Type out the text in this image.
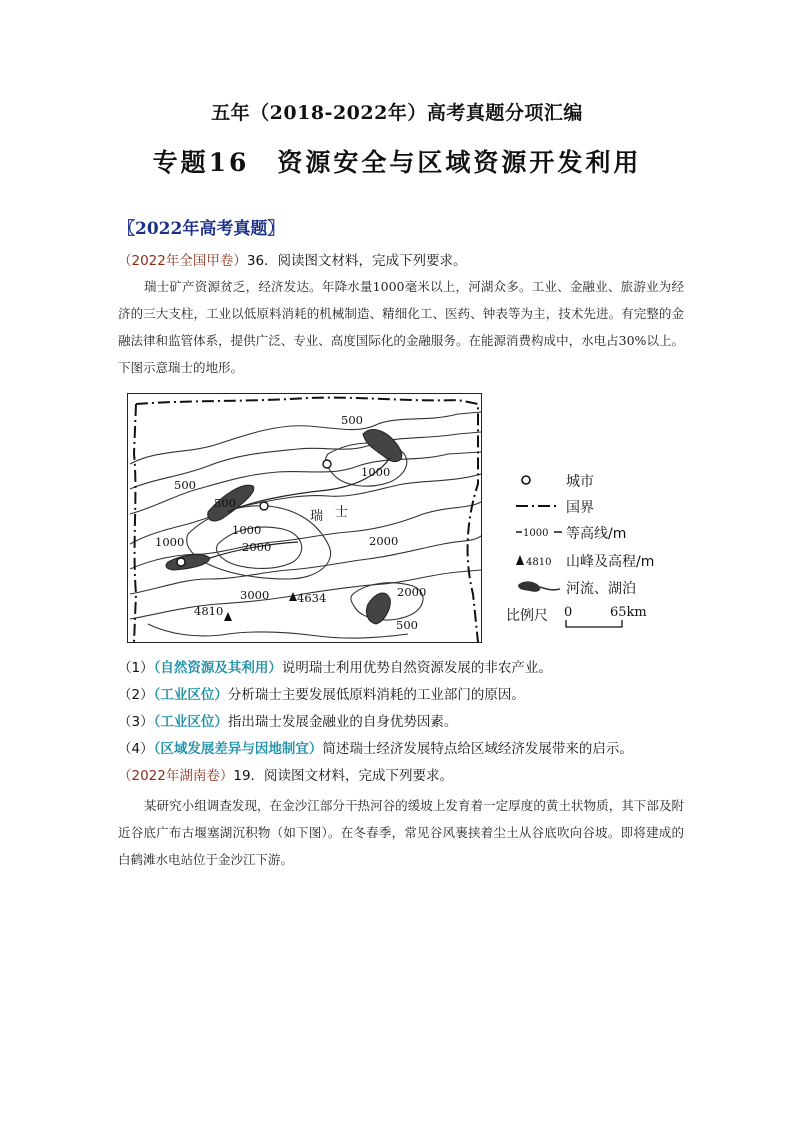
五年（2018-2022年）高考真题分项汇编
专题16　资源安全与区域资源开发利用
〖2022年高考真题〗
（2022年全国甲卷）36．阅读图文材料，完成下列要求。
瑞士矿产资源贫乏，经济发达。年降水量1000毫米以上，河湖众多。工业、金融业、旅游业为经济的三大支柱，工业以低原料消耗的机械制造、精细化工、医药、钟表等为主，技术先进。有完整的金融法律和监管体系，提供广泛、专业、高度国际化的金融服务。在能源消费构成中，水电占30%以上。下图示意瑞士的地形。
500
1000
500
500
1000
2000	2000
1000
3000	2000
500
4810
4634
瑞 士
城市
国界
1000 等高线/m
4810 山峰及高程/m
河流、湖泊
比例尺 0	65km
（1）（自然资源及其利用）说明瑞士利用优势自然资源发展的非农产业。
（2）（工业区位）分析瑞士主要发展低原料消耗的工业部门的原因。
（3）（工业区位）指出瑞士发展金融业的自身优势因素。
（4）（区域发展差异与因地制宜）简述瑞士经济发展特点给区域经济发展带来的启示。
（2022年湖南卷）19．阅读图文材料，完成下列要求。
某研究小组调查发现，在金沙江部分干热河谷的缓坡上发育着一定厚度的黄土状物质，其下部及附近谷底广布古堰塞湖沉积物（如下图）。在冬春季，常见谷风裹挟着尘土从谷底吹向谷坡。即将建成的白鹤滩水电站位于金沙江下游。
